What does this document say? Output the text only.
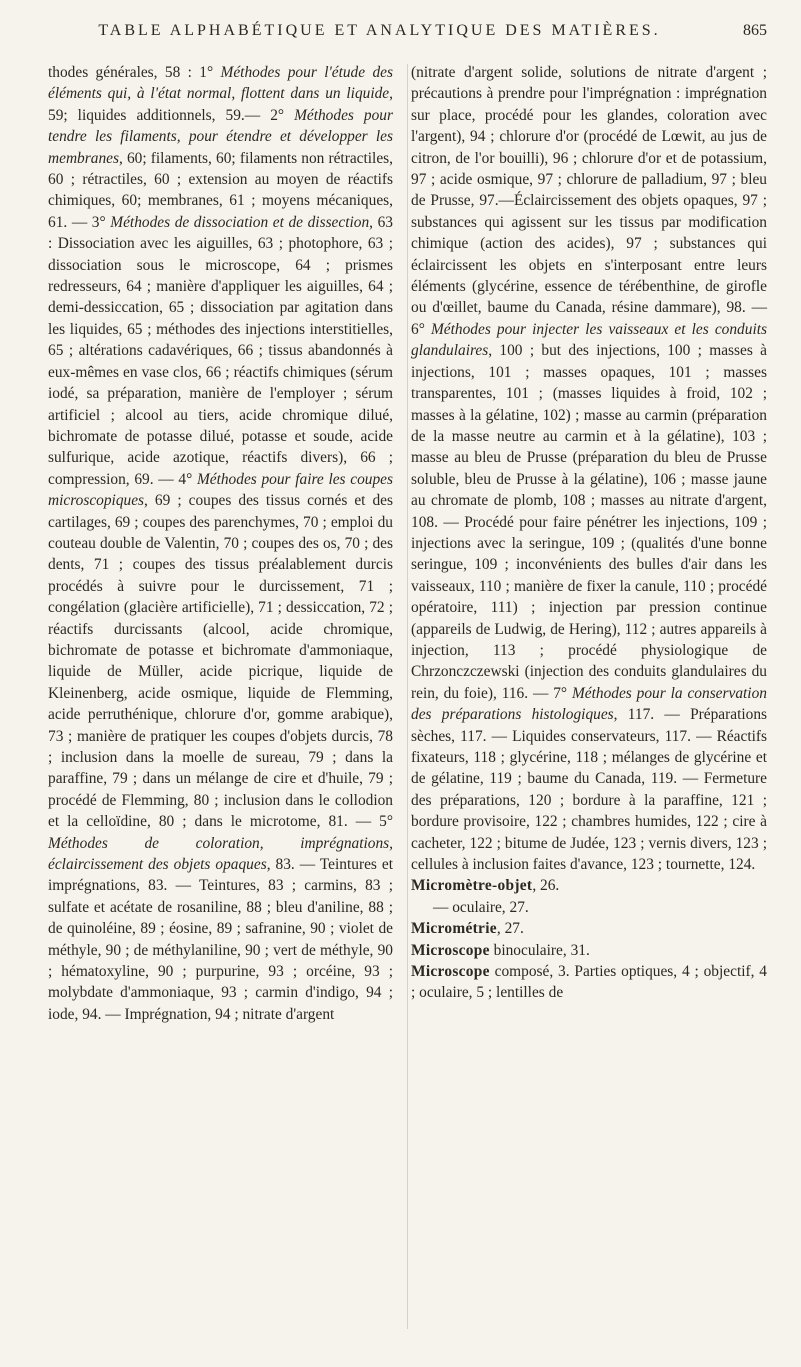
TABLE ALPHABÉTIQUE ET ANALYTIQUE DES MATIÈRES.	865
thodes générales, 58 : 1° Méthodes pour l'étude des éléments qui, à l'état normal, flottent dans un liquide, 59; liquides additionnels, 59.— 2° Méthodes pour tendre les filaments, pour étendre et développer les membranes, 60; filaments, 60; filaments non rétractiles, 60 ; rétractiles, 60 ; extension au moyen de réactifs chimiques, 60; membranes, 61 ; moyens mécaniques, 61. — 3° Méthodes de dissociation et de dissection, 63 : Dissociation avec les aiguilles, 63 ; photophore, 63 ; dissociation sous le microscope, 64 ; prismes redresseurs, 64 ; manière d'appliquer les aiguilles, 64 ; demi-dessiccation, 65 ; dissociation par agitation dans les liquides, 65 ; méthodes des injections interstitielles, 65 ; altérations cadavériques, 66 ; tissus abandonnés à eux-mêmes en vase clos, 66 ; réactifs chimiques (sérum iodé, sa préparation, manière de l'employer ; sérum artificiel ; alcool au tiers, acide chromique dilué, bichromate de potasse dilué, potasse et soude, acide sulfurique, acide azotique, réactifs divers), 66 ; compression, 69. — 4° Méthodes pour faire les coupes microscopiques, 69 ; coupes des tissus cornés et des cartilages, 69 ; coupes des parenchymes, 70 ; emploi du couteau double de Valentin, 70 ; coupes des os, 70 ; des dents, 71 ; coupes des tissus préalablement durcis procédés à suivre pour le durcissement, 71 ; congélation (glacière artificielle), 71 ; dessiccation, 72 ; réactifs durcissants (alcool, acide chromique, bichromate de potasse et bichromate d'ammoniaque, liquide de Müller, acide picrique, liquide de Kleinenberg, acide osmique, liquide de Flemming, acide perruthénique, chlorure d'or, gomme arabique), 73 ; manière de pratiquer les coupes d'objets durcis, 78 ; inclusion dans la moelle de sureau, 79 ; dans la paraffine, 79 ; dans un mélange de cire et d'huile, 79 ; procédé de Flemming, 80 ; inclusion dans le collodion et la celloïdine, 80 ; dans le microtome, 81. — 5° Méthodes de coloration, imprégnations, éclaircissement des objets opaques, 83. — Teintures et imprégnations, 83. — Teintures, 83 ; carmins, 83 ; sulfate et acétate de rosaniline, 88 ; bleu d'aniline, 88 ; de quinoléine, 89 ; éosine, 89 ; safranine, 90 ; violet de méthyle, 90 ; de méthylaniline, 90 ; vert de méthyle, 90 ; hématoxyline, 90 ; purpurine, 93 ; orcéine, 93 ; molybdate d'ammoniaque, 93 ; carmin d'indigo, 94 ; iode, 94. — Imprégnation, 94 ; nitrate d'argent
(nitrate d'argent solide, solutions de nitrate d'argent ; précautions à prendre pour l'imprégnation : imprégnation sur place, procédé pour les glandes, coloration avec l'argent), 94 ; chlorure d'or (procédé de Lœwit, au jus de citron, de l'or bouilli), 96 ; chlorure d'or et de potassium, 97 ; acide osmique, 97 ; chlorure de palladium, 97 ; bleu de Prusse, 97.—Éclaircissement des objets opaques, 97 ; substances qui agissent sur les tissus par modification chimique (action des acides), 97 ; substances qui éclaircissent les objets en s'interposant entre leurs éléments (glycérine, essence de térébenthine, de girofle ou d'œillet, baume du Canada, résine dammare), 98. — 6° Méthodes pour injecter les vaisseaux et les conduits glandulaires, 100 ; but des injections, 100 ; masses à injections, 101 ; masses opaques, 101 ; masses transparentes, 101 ; (masses liquides à froid, 102 ; masses à la gélatine, 102) ; masse au carmin (préparation de la masse neutre au carmin et à la gélatine), 103 ; masse au bleu de Prusse (préparation du bleu de Prusse soluble, bleu de Prusse à la gélatine), 106 ; masse jaune au chromate de plomb, 108 ; masses au nitrate d'argent, 108. — Procédé pour faire pénétrer les injections, 109 ; injections avec la seringue, 109 ; (qualités d'une bonne seringue, 109 ; inconvénients des bulles d'air dans les vaisseaux, 110 ; manière de fixer la canule, 110 ; procédé opératoire, 111) ; injection par pression continue (appareils de Ludwig, de Hering), 112 ; autres appareils à injection, 113 ; procédé physiologique de Chrzonczczewski (injection des conduits glandulaires du rein, du foie), 116. — 7° Méthodes pour la conservation des préparations histologiques, 117. — Préparations sèches, 117. — Liquides conservateurs, 117. — Réactifs fixateurs, 118 ; glycérine, 118 ; mélanges de glycérine et de gélatine, 119 ; baume du Canada, 119. — Fermeture des préparations, 120 ; bordure à la paraffine, 121 ; bordure provisoire, 122 ; chambres humides, 122 ; cire à cacheter, 122 ; bitume de Judée, 123 ; vernis divers, 123 ; cellules à inclusion faites d'avance, 123 ; tournette, 124.
Micromètre-objet, 26.
— oculaire, 27.
Micrométrie, 27.
Microscope binoculaire, 31.
Microscope composé, 3. Parties optiques, 4 ; objectif, 4 ; oculaire, 5 ; lentilles de
